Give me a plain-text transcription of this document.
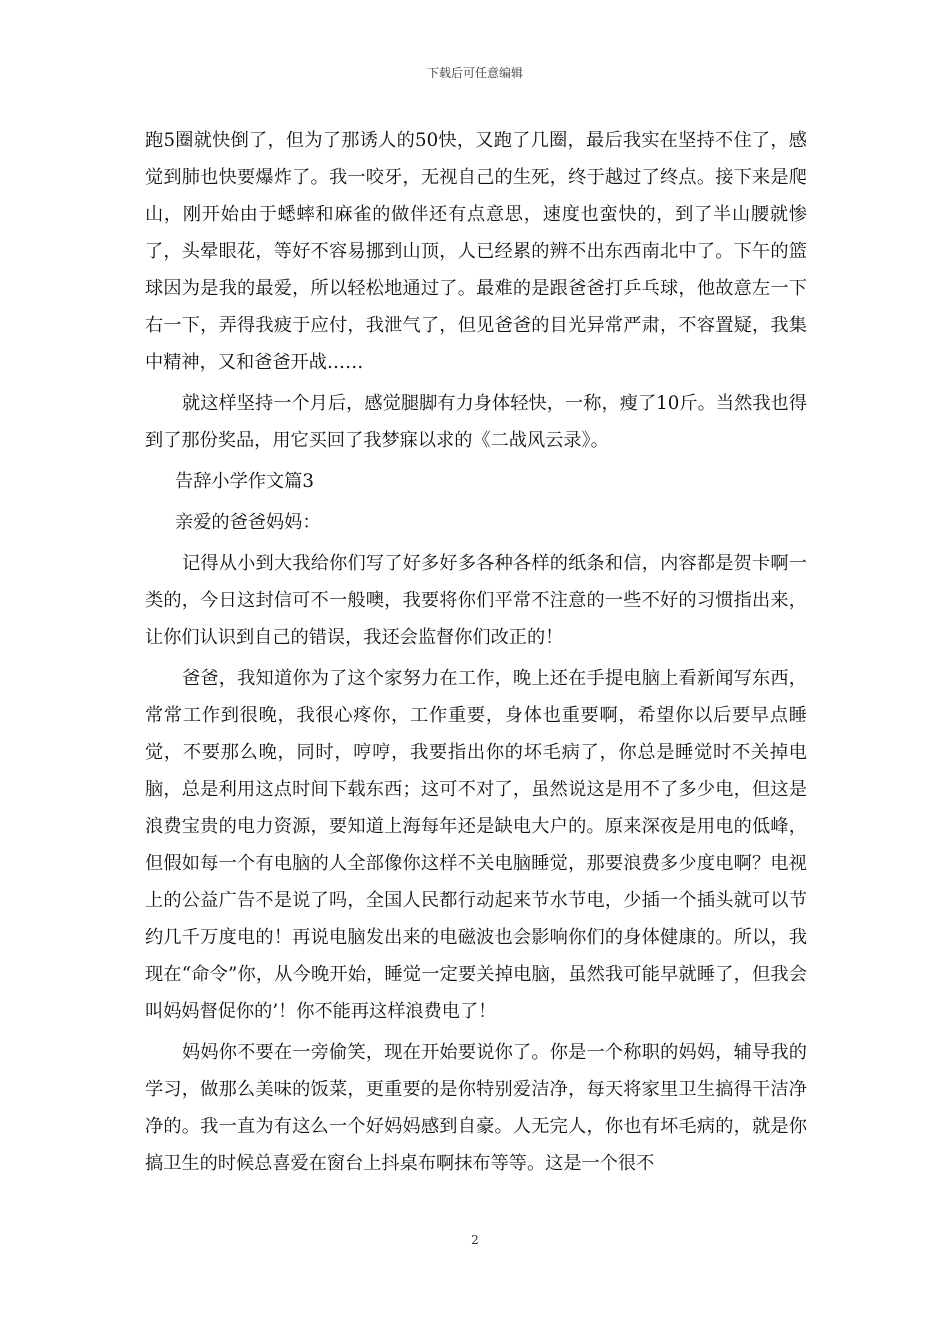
下载后可任意编辑

跑5圈就快倒了，但为了那诱人的50快，又跑了几圈，最后我实在坚持不住了，感觉到肺也快要爆炸了。我一咬牙，无视自己的生死，终于越过了终点。接下来是爬山，刚开始由于蟋蟀和麻雀的做伴还有点意思，速度也蛮快的，到了半山腰就惨了，头晕眼花，等好不容易挪到山顶，人已经累的辨不出东西南北中了。下午的篮球因为是我的最爱，所以轻松地通过了。最难的是跟爸爸打乒乓球，他故意左一下右一下，弄得我疲于应付，我泄气了，但见爸爸的目光异常严肃，不容置疑，我集中精神，又和爸爸开战……

就这样坚持一个月后，感觉腿脚有力身体轻快，一称，瘦了10斤。当然我也得到了那份奖品，用它买回了我梦寐以求的《二战风云录》。

告辞小学作文篇3

亲爱的爸爸妈妈：

记得从小到大我给你们写了好多好多各种各样的纸条和信，内容都是贺卡啊一类的，今日这封信可不一般噢，我要将你们平常不注意的一些不好的习惯指出来，让你们认识到自己的错误，我还会监督你们改正的！

爸爸，我知道你为了这个家努力在工作，晚上还在手提电脑上看新闻写东西，常常工作到很晚，我很心疼你，工作重要，身体也重要啊，希望你以后要早点睡觉，不要那么晚，同时，哼哼，我要指出你的坏毛病了，你总是睡觉时不关掉电脑，总是利用这点时间下载东西；这可不对了，虽然说这是用不了多少电，但这是浪费宝贵的电力资源，要知道上海每年还是缺电大户的。原来深夜是用电的低峰，但假如每一个有电脑的人全部像你这样不关电脑睡觉，那要浪费多少度电啊？电视上的公益广告不是说了吗，全国人民都行动起来节水节电，少插一个插头就可以节约几千万度电的！再说电脑发出来的电磁波也会影响你们的身体健康的。所以，我现在“命令”你，从今晚开始，睡觉一定要关掉电脑，虽然我可能早就睡了，但我会叫妈妈督促你的’！你不能再这样浪费电了！

妈妈你不要在一旁偷笑，现在开始要说你了。你是一个称职的妈妈，辅导我的学习，做那么美味的饭菜，更重要的是你特别爱洁净，每天将家里卫生搞得干洁净净的。我一直为有这么一个好妈妈感到自豪。人无完人，你也有坏毛病的，就是你搞卫生的时候总喜爱在窗台上抖桌布啊抹布等等。这是一个很不

2
